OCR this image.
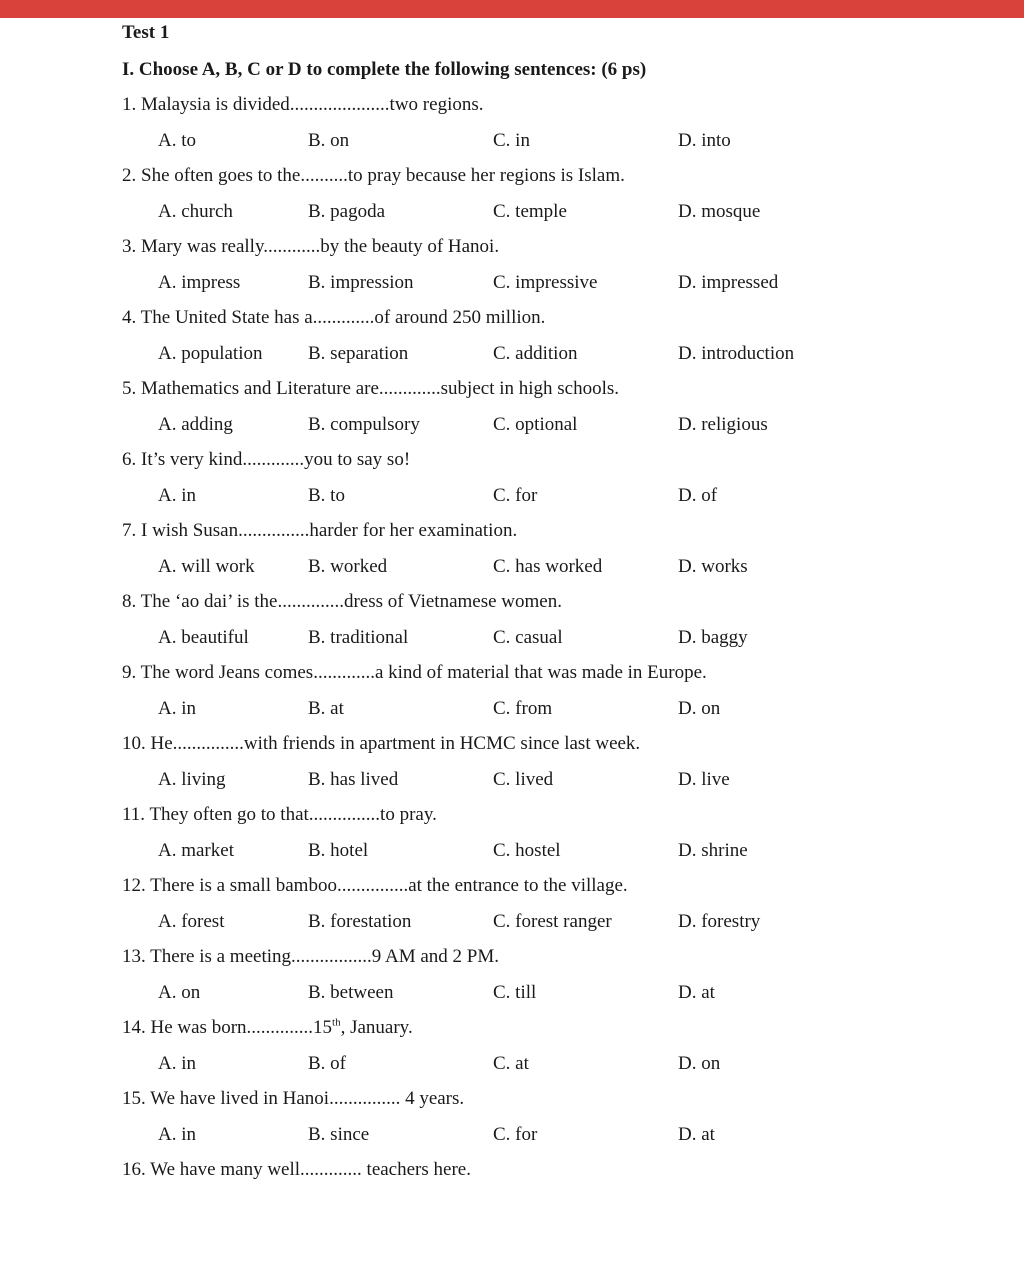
Test 1
I. Choose A, B, C or D to complete the following sentences: (6 ps)
1. Malaysia is divided.....................two regions.
A. to	B. on	C. in	D. into
2. She often goes to the..........to pray because her regions is Islam.
A. church	B. pagoda	C. temple	D. mosque
3. Mary was really............by the beauty of Hanoi.
A. impress	B. impression	C. impressive	D. impressed
4. The United State has a.............of around 250 million.
A. population B. separation	C. addition	D. introduction
5. Mathematics and Literature are.............subject in high schools.
A. adding	B. compulsory	C. optional	D. religious
6. It’s very kind.............you to say so!
A. in	B. to	C. for	D. of
7. I wish Susan...............harder for her examination.
A. will work	B. worked	C. has worked	D. works
8. The ‘ao dai’ is the..............dress of Vietnamese women.
A. beautiful	B. traditional	C. casual	D. baggy
9. The word Jeans comes.............a kind of material that was made in Europe.
A. in	B. at	C. from	D. on
10. He...............with friends in apartment in HCMC since last week.
A. living	B. has lived	C. lived	D. live
11. They often go to that...............to pray.
A. market	B. hotel	C. hostel	D. shrine
12. There is a small bamboo...............at the entrance to the village.
A. forest	B. forestation	C. forest ranger	D. forestry
13. There is a meeting.................9 AM and 2 PM.
A. on	B. between	C. till	D. at
14. He was born..............15th, January.
A. in	B. of	C. at	D. on
15. We have lived in Hanoi............... 4 years.
A. in	B. since	C. for	D. at
16. We have many well............. teachers here.
